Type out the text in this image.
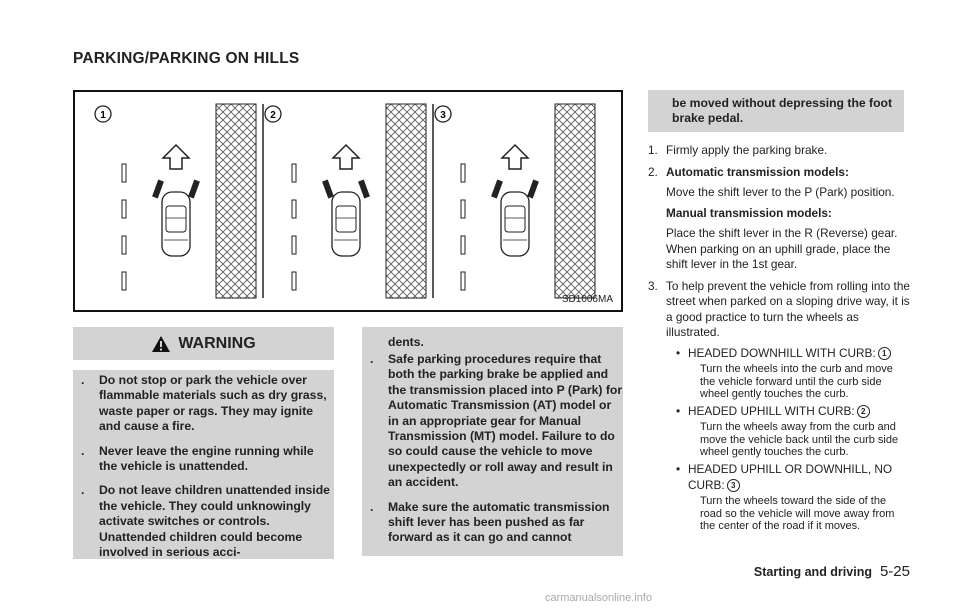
PARKING/PARKING ON HILLS
1	2	3
SD1006MA
WARNING
. Do not stop or park the vehicle over flammable materials such as dry grass, waste paper or rags. They may ignite and cause a fire.
. Never leave the engine running while the vehicle is unattended.
. Do not leave children unattended inside the vehicle. They could unknowingly activate switches or controls. Unattended children could become involved in serious acci-
dents.
. Safe parking procedures require that both the parking brake be applied and the transmission placed into P (Park) for Automatic Transmission (AT) model or in an appropriate gear for Manual Transmission (MT) model. Failure to do so could cause the vehicle to move unexpectedly or roll away and result in an accident.
. Make sure the automatic transmission shift lever has been pushed as far forward as it can go and cannot
be moved without depressing the foot brake pedal.
1. Firmly apply the parking brake.

2. Automatic transmission models:

Move the shift lever to the P (Park) position.

Manual transmission models:

Place the shift lever in the R (Reverse) gear. When parking on an uphill grade, place the shift lever in the 1st gear.

3. To help prevent the vehicle from rolling into the street when parked on a sloping drive way, it is a good practice to turn the wheels as illustrated.

• HEADED DOWNHILL WITH CURB: 1
Turn the wheels into the curb and move the vehicle forward until the curb side wheel gently touches the curb.
• HEADED UPHILL WITH CURB: 2
Turn the wheels away from the curb and move the vehicle back until the curb side wheel gently touches the curb.
• HEADED UPHILL OR DOWNHILL, NO CURB: 3
Turn the wheels toward the side of the road so the vehicle will move away from the center of the road if it moves.
Starting and driving 5-25
carmanualsonline.info
